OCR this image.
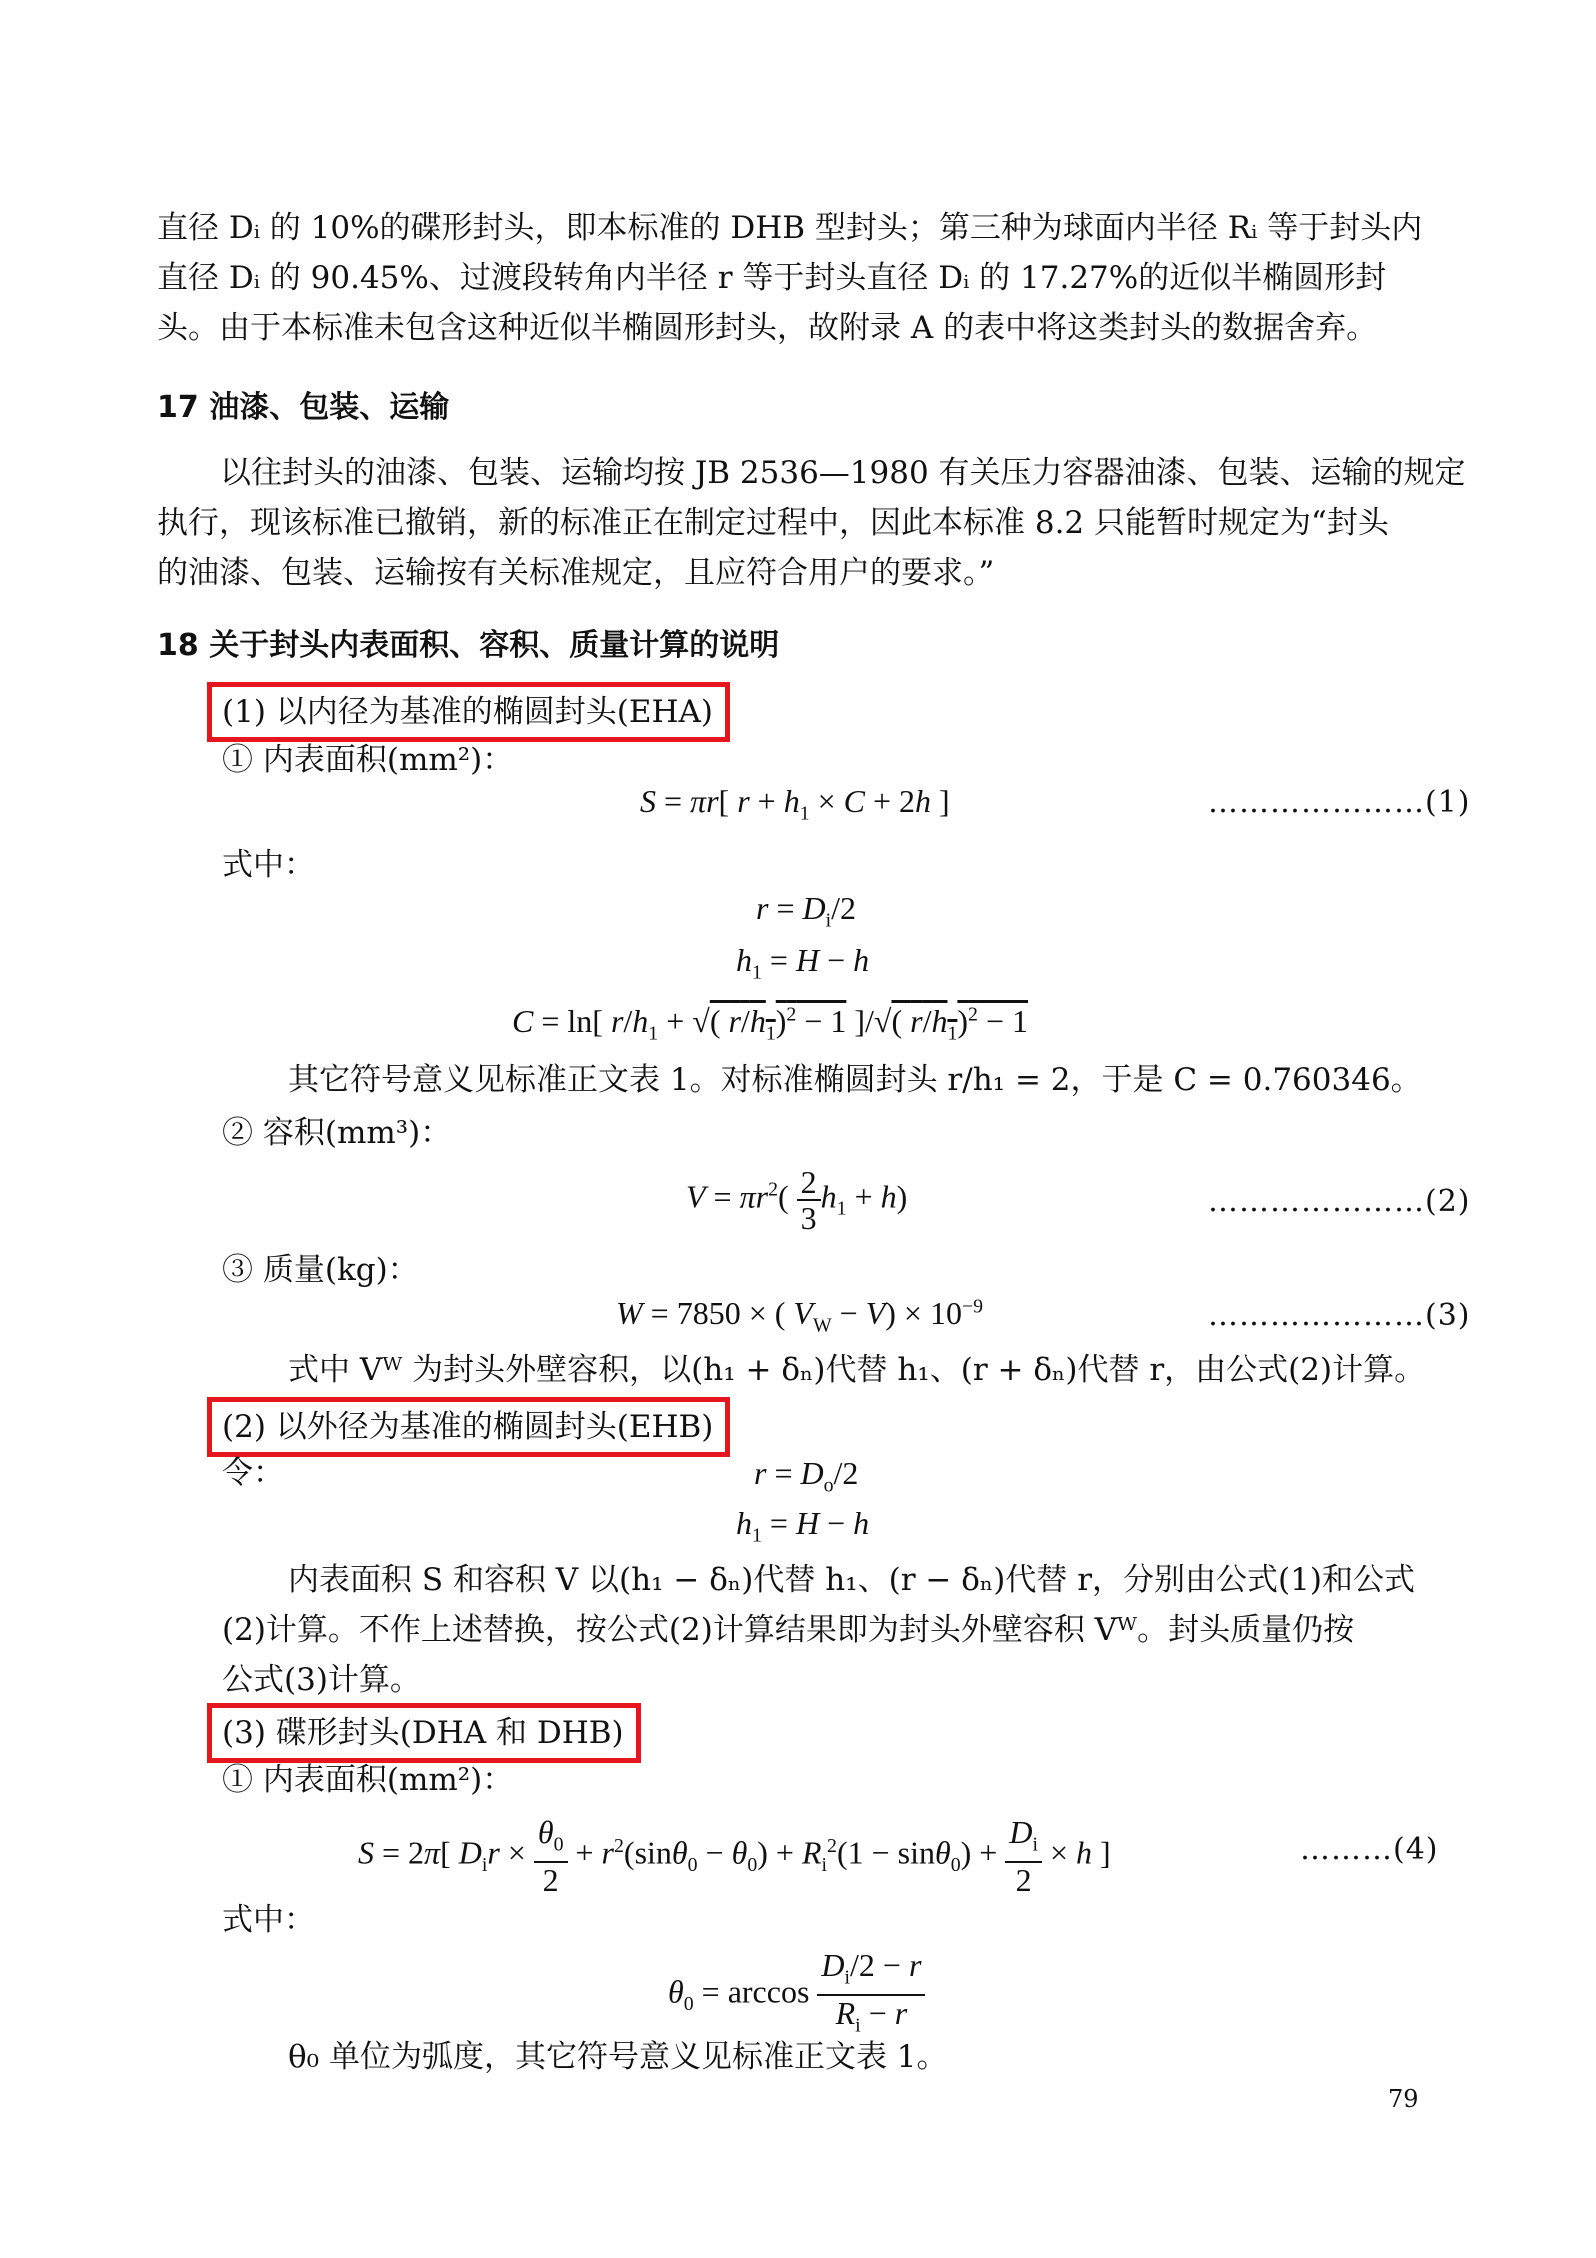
直径 Dᵢ 的 10%的碟形封头，即本标准的 DHB 型封头；第三种为球面内半径 Rᵢ 等于封头内
直径 Dᵢ 的 90.45%、过渡段转角内半径 r 等于封头直径 Dᵢ 的 17.27%的近似半椭圆形封
头。由于本标准未包含这种近似半椭圆形封头，故附录 A 的表中将这类封头的数据舍弃。
17 油漆、包装、运输
以往封头的油漆、包装、运输均按 JB 2536—1980 有关压力容器油漆、包装、运输的规定
执行，现该标准已撤销，新的标准正在制定过程中，因此本标准 8.2 只能暂时规定为“封头
的油漆、包装、运输按有关标准规定，且应符合用户的要求。”
18 关于封头内表面积、容积、质量计算的说明
(1) 以内径为基准的椭圆封头(EHA)
① 内表面积(mm²)：
S = πr[ $r + h_1 \times C + 2h$ ]	…………………(1)
式中：
$r = D_i/2$
$h_1 = H - h$
C = ln[ $r/h_1$ + √( $r/h_1)^2 - 1$ ]/√( $r/h_1)^2 - 1$
其它符号意义见标准正文表 1。对标准椭圆封头 r/h₁ = 2，于是 C = 0.760346。
② 容积(mm³)：
$V = \pi r^2( \frac{2}{3} h_1 + h)$	…………………(2)
③ 质量(kg)：
W = 7850 × ( $V_W - V) \times 10^{-9}$	…………………(3)
式中 Vᵂ 为封头外壁容积，以(h₁ + δₙ)代替 h₁、(r + δₙ)代替 r，由公式(2)计算。
(2) 以外径为基准的椭圆封头(EHB)
令：	$r = D_o/2$
$h_1 = H - h$
内表面积 S 和容积 V 以(h₁ − δₙ)代替 h₁、(r − δₙ)代替 r，分别由公式(1)和公式
(2)计算。不作上述替换，按公式(2)计算结果即为封头外壁容积 Vᵂ。封头质量仍按
公式(3)计算。
(3) 碟形封头(DHA 和 DHB)
① 内表面积(mm²)：
S = 2π[ $D_ir \times \frac{\theta_0}{2} + r^2(\sin\theta_0 - \theta_0) + R_i^2(1 - \sin\theta_0) + \frac{D_i}{2} \times h$ ]	………(4)
式中：
$\theta_0 = \arccos \frac{D_i/2 - r}{R_i - r}$
θ₀ 单位为弧度，其它符号意义见标准正文表 1。
79
